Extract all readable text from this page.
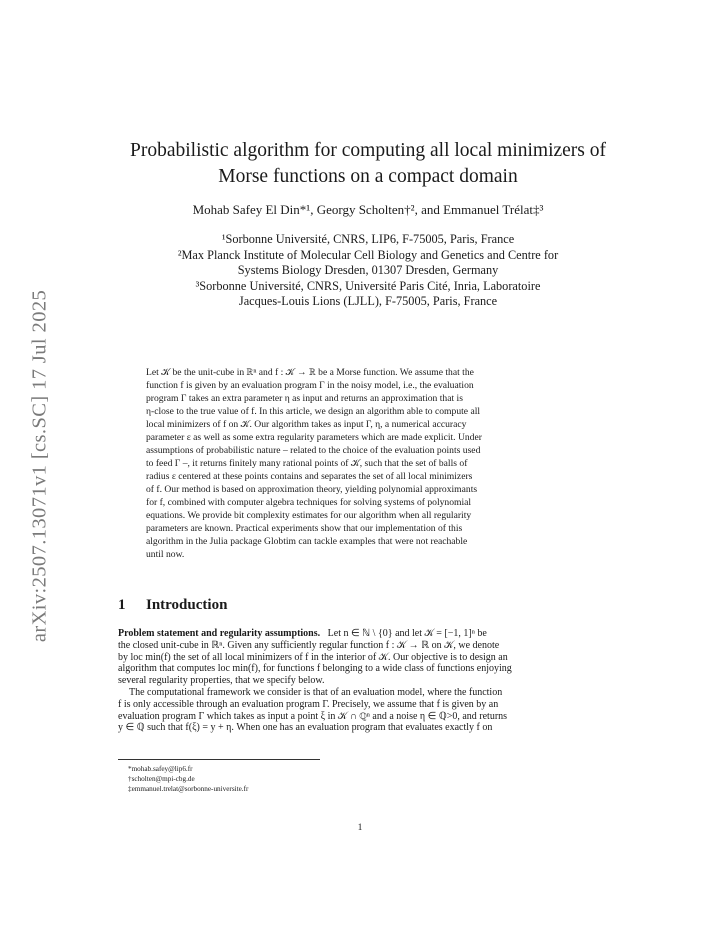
arXiv:2507.13071v1 [cs.SC] 17 Jul 2025
Probabilistic algorithm for computing all local minimizers of
Morse functions on a compact domain
Mohab Safey El Din*¹, Georgy Scholten†², and Emmanuel Trélat‡³
¹Sorbonne Université, CNRS, LIP6, F-75005, Paris, France
²Max Planck Institute of Molecular Cell Biology and Genetics and Centre for
Systems Biology Dresden, 01307 Dresden, Germany
³Sorbonne Université, CNRS, Université Paris Cité, Inria, Laboratoire
Jacques-Louis Lions (LJLL), F-75005, Paris, France
Let 𝒦 be the unit-cube in ℝⁿ and f : 𝒦 → ℝ be a Morse function. We assume that the
function f is given by an evaluation program Γ in the noisy model, i.e., the evaluation
program Γ takes an extra parameter η as input and returns an approximation that is
η-close to the true value of f. In this article, we design an algorithm able to compute all
local minimizers of f on 𝒦. Our algorithm takes as input Γ, η, a numerical accuracy
parameter ε as well as some extra regularity parameters which are made explicit. Under
assumptions of probabilistic nature – related to the choice of the evaluation points used
to feed Γ –, it returns finitely many rational points of 𝒦, such that the set of balls of
radius ε centered at these points contains and separates the set of all local minimizers
of f. Our method is based on approximation theory, yielding polynomial approximants
for f, combined with computer algebra techniques for solving systems of polynomial
equations. We provide bit complexity estimates for our algorithm when all regularity
parameters are known. Practical experiments show that our implementation of this
algorithm in the Julia package Globtim can tackle examples that were not reachable
until now.
1 Introduction
Problem statement and regularity assumptions. Let n ∈ ℕ \ {0} and let 𝒦 = [−1, 1]ⁿ be
the closed unit-cube in ℝⁿ. Given any sufficiently regular function f : 𝒦 → ℝ on 𝒦, we denote
by loc min(f) the set of all local minimizers of f in the interior of 𝒦. Our objective is to design an
algorithm that computes loc min(f), for functions f belonging to a wide class of functions enjoying
several regularity properties, that we specify below.
The computational framework we consider is that of an evaluation model, where the function
f is only accessible through an evaluation program Γ. Precisely, we assume that f is given by an
evaluation program Γ which takes as input a point ξ in 𝒦 ∩ ℚⁿ and a noise η ∈ ℚ>0, and returns
y ∈ ℚ such that f(ξ) = y + η. When one has an evaluation program that evaluates exactly f on
*mohab.safey@lip6.fr
†scholten@mpi-cbg.de
‡emmanuel.trelat@sorbonne-universite.fr
1
